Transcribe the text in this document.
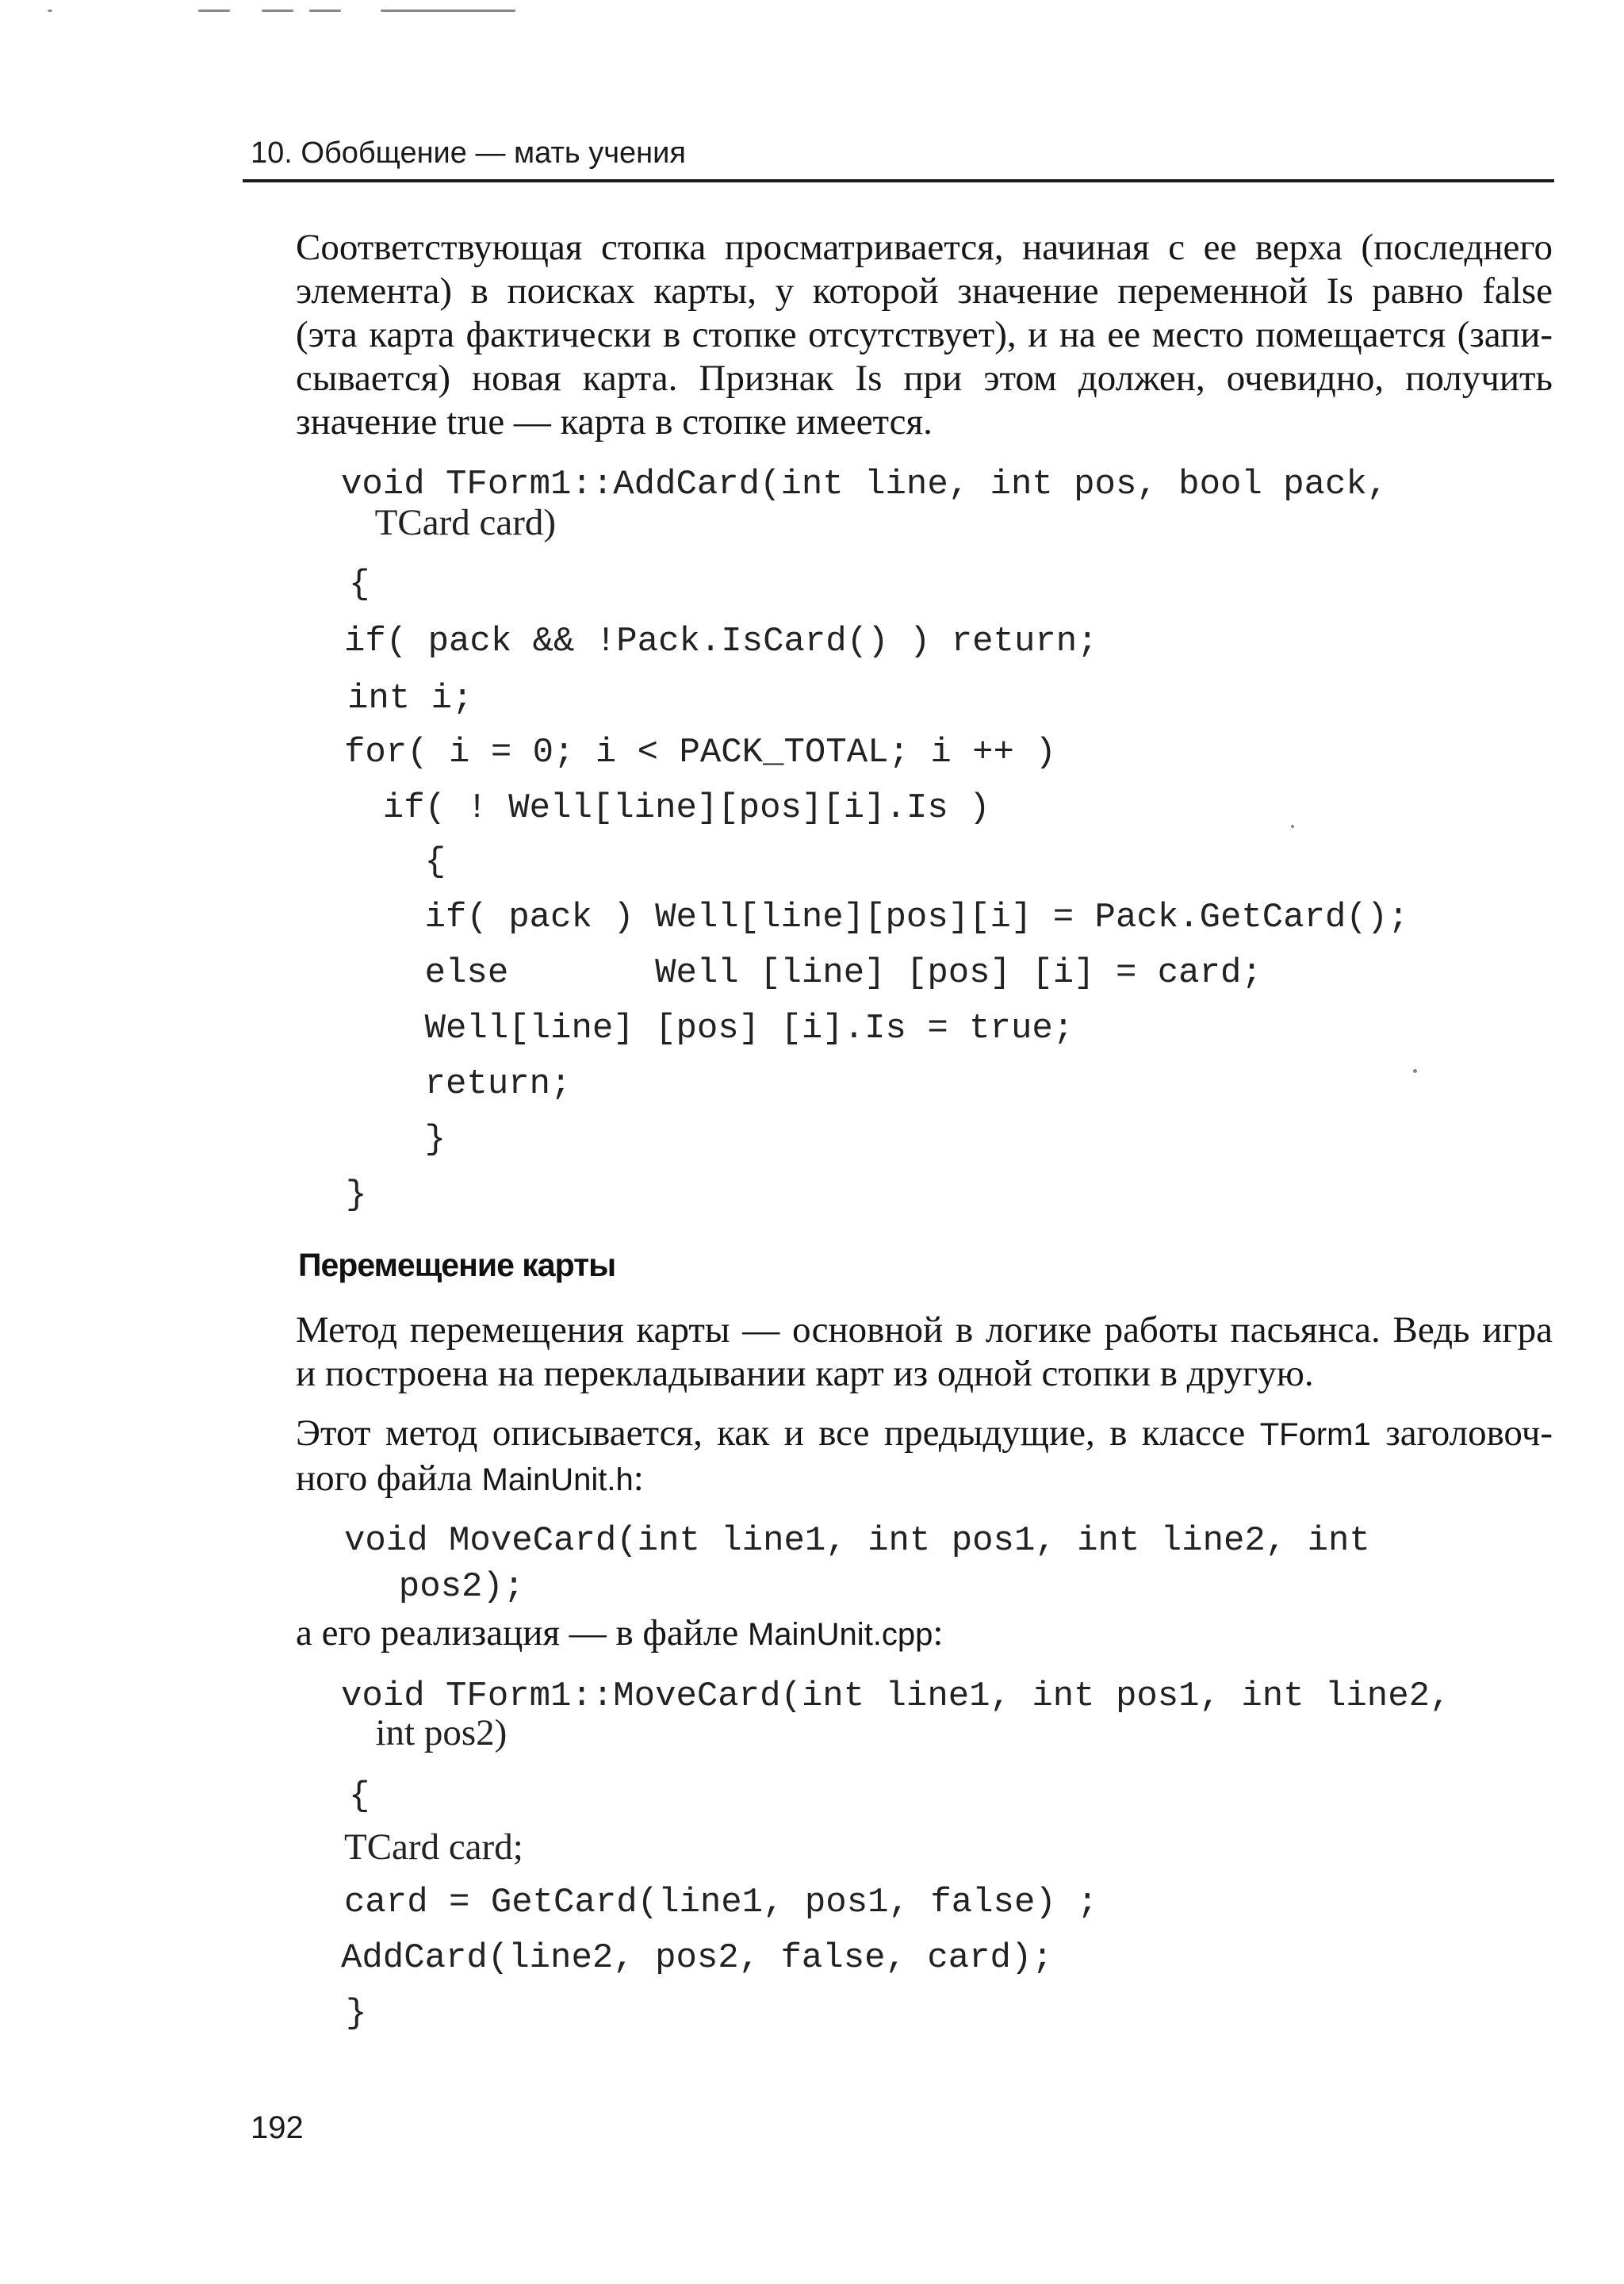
10. Обобщение — мать учения
Соответствующая стопка просматривается, начиная с ее верха (последнего
элемента) в поисках карты, у которой значение переменной Is равно false
(эта карта фактически в стопке отсутствует), и на ее место помещается (запи-
сывается) новая карта. Признак Is при этом должен, очевидно, получить
значение true — карта в стопке имеется.
void TForm1::AddCard(int line, int pos, bool pack,
TCard card)
{
if( pack && !Pack.IsCard() ) return;
int i;
for( i = 0; i < PACK_TOTAL; i ++ )
if( ! Well[line][pos][i].Is )
{
if( pack ) Well[line][pos][i] = Pack.GetCard();
else       Well [line] [pos] [i] = card;
Well[line] [pos] [i].Is = true;
return;
}
}
Перемещение карты
Метод перемещения карты — основной в логике работы пасьянса. Ведь игра
и построена на перекладывании карт из одной стопки в другую.
Этот метод описывается, как и все предыдущие, в классе TForm1 заголовоч-
ного файла MainUnit.h:
void MoveCard(int line1, int pos1, int line2, int
pos2);
а его реализация — в файле MainUnit.cpp:
void TForm1::MoveCard(int line1, int pos1, int line2,
int pos2)
{
TCard card;
card = GetCard(line1, pos1, false) ;
AddCard(line2, pos2, false, card);
}
192
